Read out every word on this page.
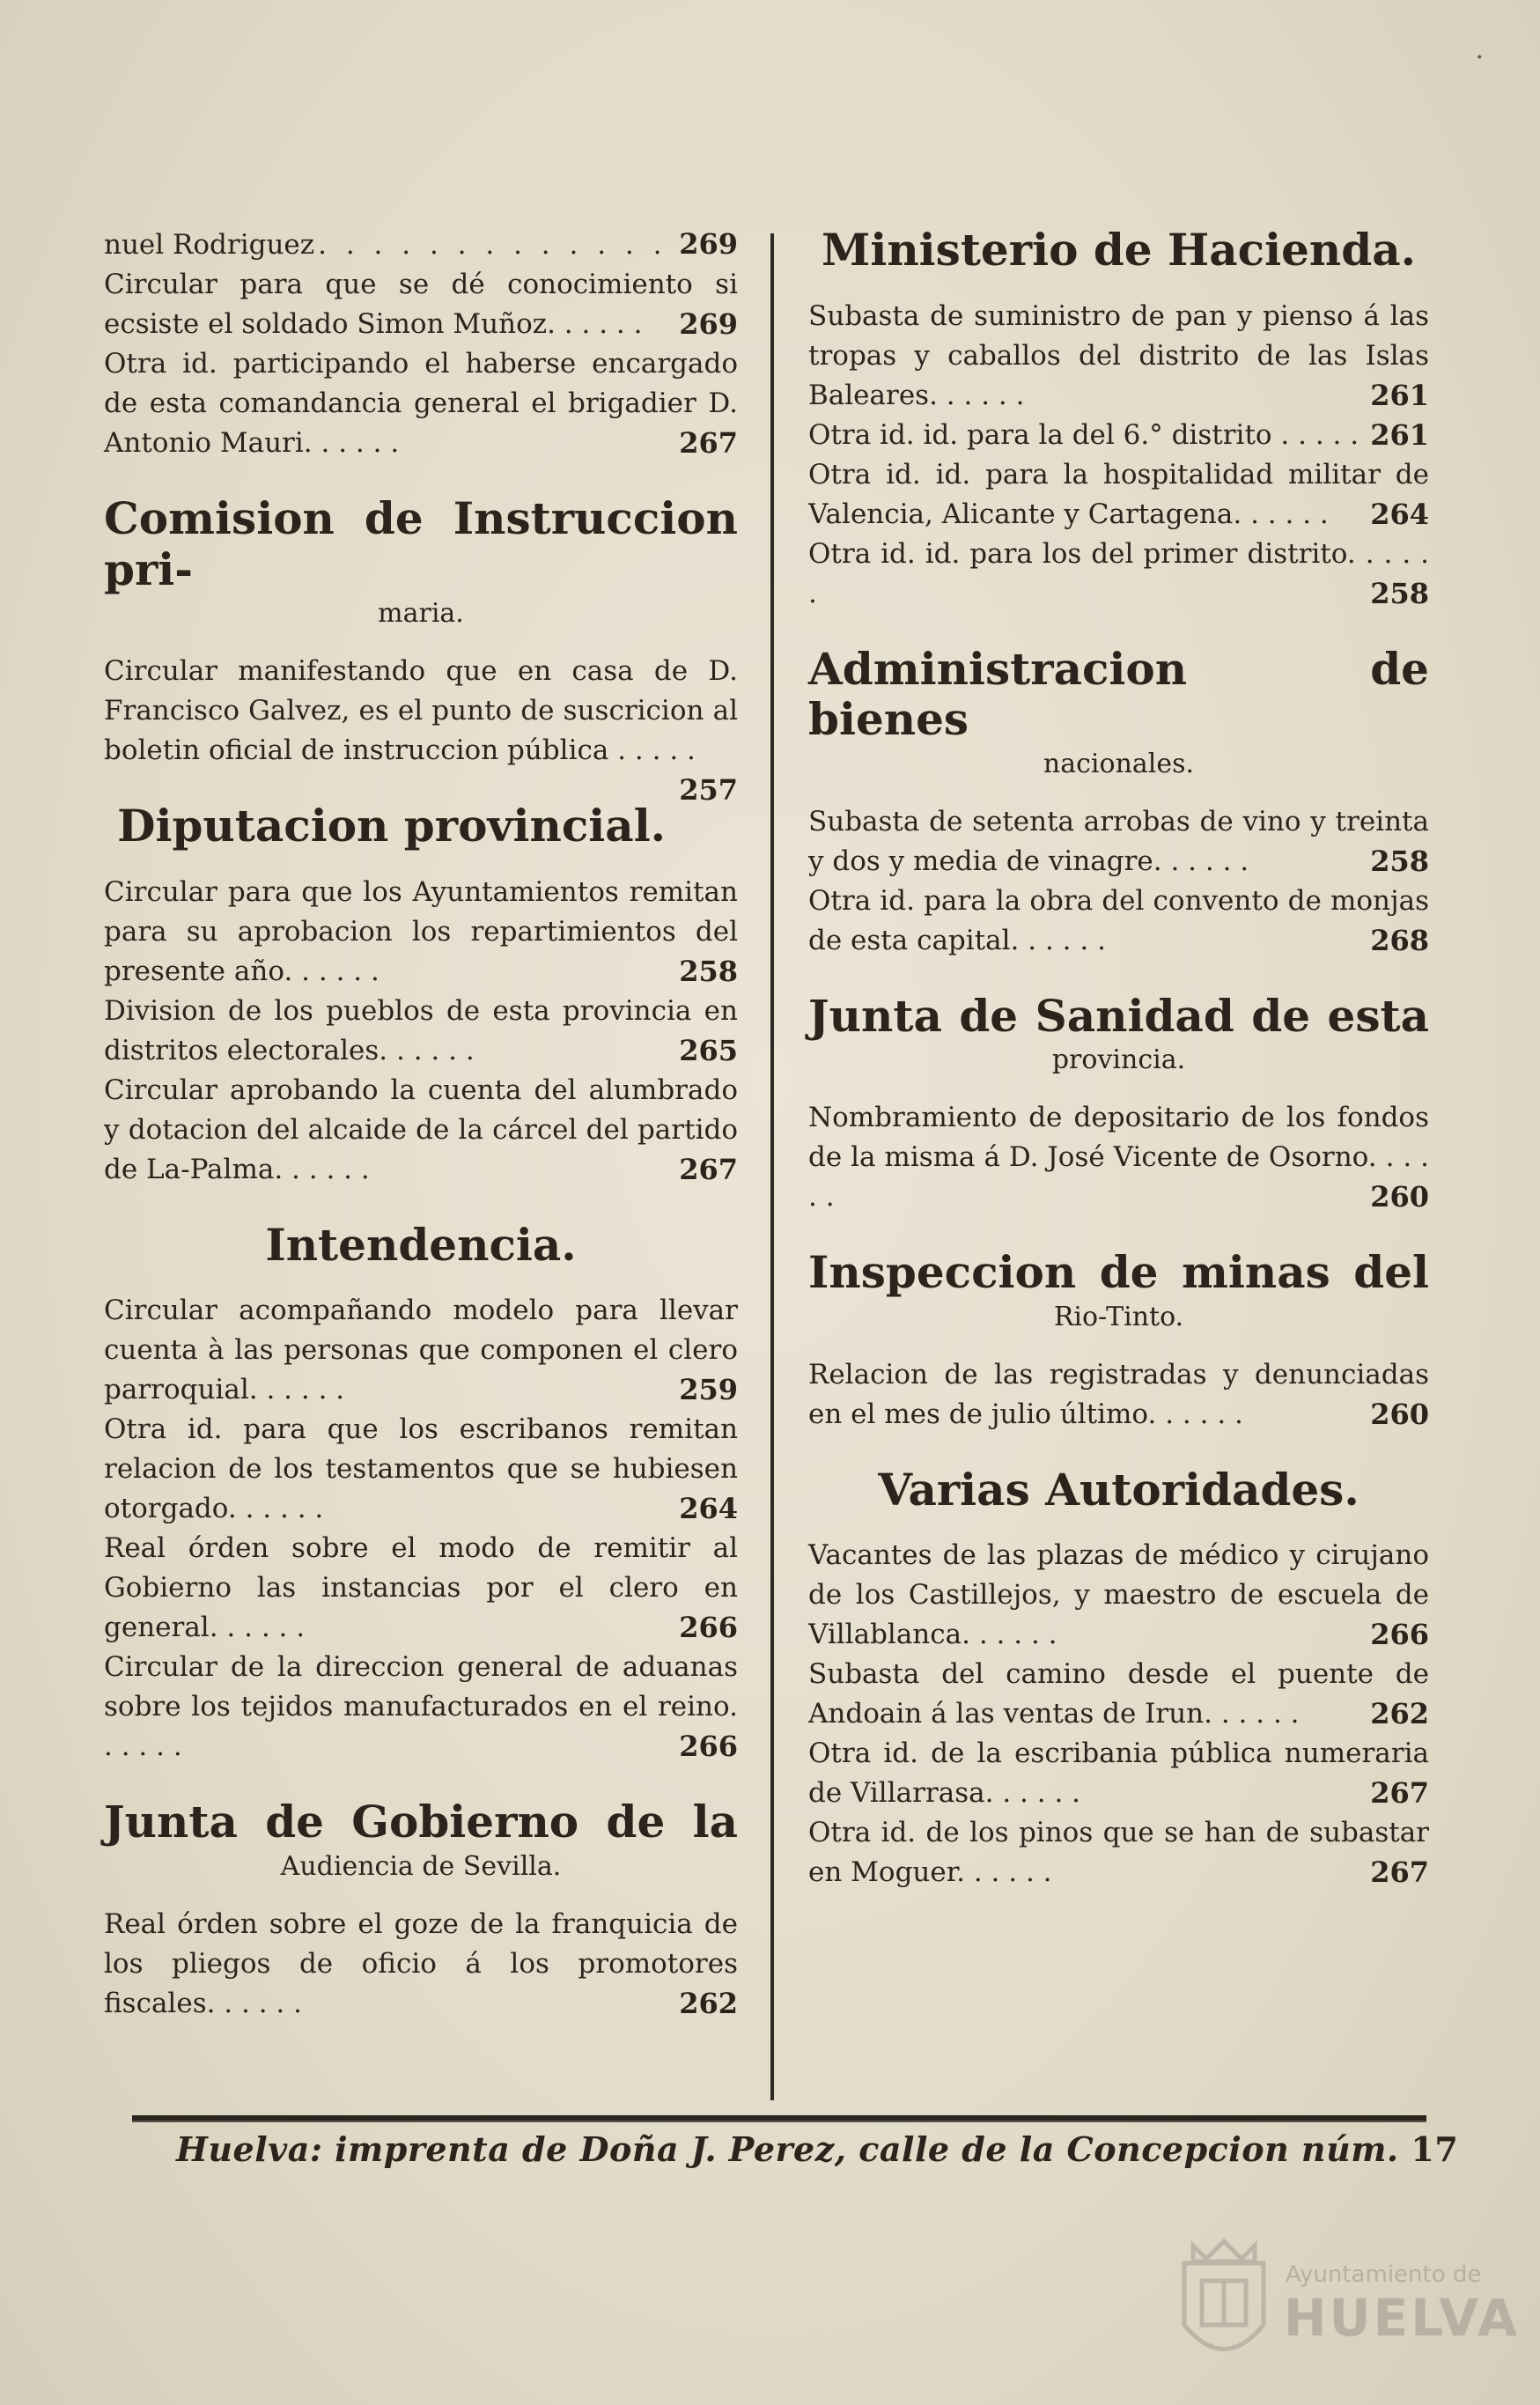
·
nuel Rodriguez . . .	269
Circular para que se dé conocimiento si ecsiste el soldado Simon Muñoz. . . . . . 269
Otra id. participando el haberse encargado de esta comandancia general el brigadier D. Antonio Mauri. . . . . .	267
Comision de Instruccion pri-
maria.
Circular manifestando que en casa de D. Francisco Galvez, es el punto de suscricion al boletin oficial de instruccion pública . . . . .
257
Diputacion provincial.
Circular para que los Ayuntamientos remitan para su aprobacion los repartimientos del presente año. . . . . .	258
Division de los pueblos de esta provincia en distritos electorales. . . . . .	265
Circular aprobando la cuenta del alumbrado y dotacion del alcaide de la cárcel del partido de La-Palma. . . . . .	267
Intendencia.
Circular acompañando modelo para llevar cuenta à las personas que componen el clero parroquial. . . . . .	259
Otra id. para que los escribanos remitan relacion de los testamentos que se hubiesen otorgado. . . . . .	264
Real órden sobre el modo de remitir al Gobierno las instancias por el clero en general. . . . . .	266
Circular de la direccion general de aduanas sobre los tejidos manufacturados en el reino. . . . . .	266
Junta de Gobierno de la
Audiencia de Sevilla.
Real órden sobre el goze de la franquicia de los pliegos de oficio á los promotores fiscales. . . . . .	262
Ministerio de Hacienda.
Subasta de suministro de pan y pienso á las tropas y caballos del distrito de las Islas Baleares. . . . . .	261
Otra id. id. para la del 6.° distrito . . . . . 261
Otra id. id. para la hospitalidad militar de Valencia, Alicante y Cartagena. . . . . . 264
Otra id. id. para los del primer distrito. . . . . .	258
Administracion de bienes
nacionales.
Subasta de setenta arrobas de vino y treinta y dos y media de vinagre. . . . . .	258
Otra id. para la obra del convento de monjas de esta capital. . . . . .	268
Junta de Sanidad de esta
provincia.
Nombramiento de depositario de los fondos de la misma á D. José Vicente de Osorno. . . . . .	260
Inspeccion de minas del
Rio-Tinto.
Relacion de las registradas y denunciadas en el mes de julio último. . . . . .	260
Varias Autoridades.
Vacantes de las plazas de médico y cirujano de los Castillejos, y maestro de escuela de Villablanca. . . . . .	266
Subasta del camino desde el puente de Andoain á las ventas de Irun. . . . . .	262
Otra id. de la escribania pública numeraria de Villarrasa. . . . . .	267
Otra id. de los pinos que se han de subastar en Moguer. . . . . .	267
Huelva: imprenta de Doña J. Perez, calle de la Concepcion núm. 17
Ayuntamiento de
HUELVA
